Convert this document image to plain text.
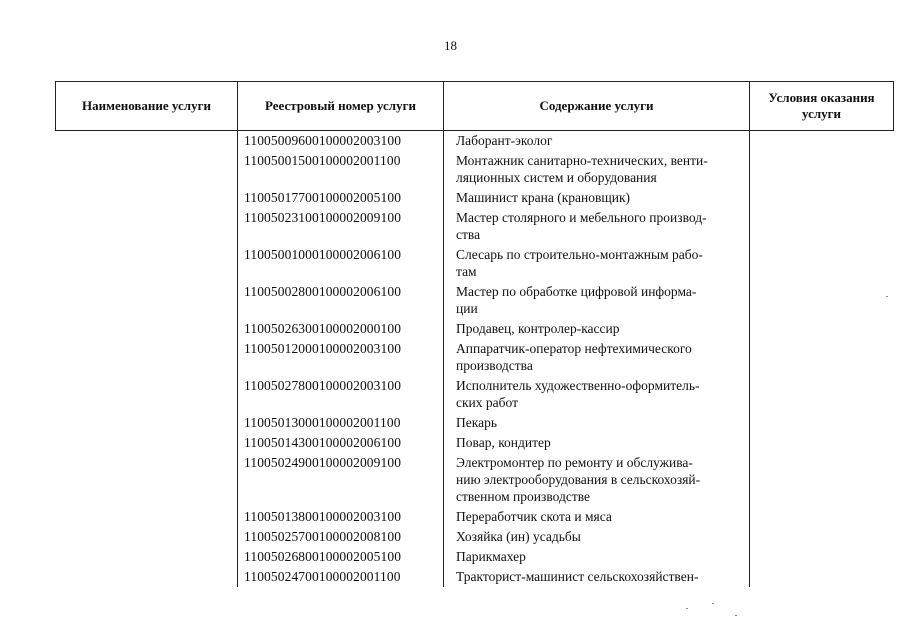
18
Наименование услуги	Реестровый номер услуги	Содержание услуги	Условия оказания услуги
	11005009600100002003100	Лаборант-эколог	
	11005001500100002001100	Монтажник санитарно-технических, венти-
ляционных систем и оборудования	
	11005017700100002005100	Машинист крана (крановщик)	
	11005023100100002009100	Мастер столярного и мебельного производ-
ства	
	11005001000100002006100	Слесарь по строительно-монтажным рабо-
там	
	11005002800100002006100	Мастер по обработке цифровой информа-
ции	
	11005026300100002000100	Продавец, контролер-кассир	
	11005012000100002003100	Аппаратчик-оператор нефтехимического
производства	
	11005027800100002003100	Исполнитель художественно-оформитель-
ских работ	
	11005013000100002001100	Пекарь	
	11005014300100002006100	Повар, кондитер	
	11005024900100002009100	Электромонтер по ремонту и обслужива-
нию электрооборудования в сельскохозяй-
ственном производстве	
	11005013800100002003100	Переработчик скота и мяса	
	11005025700100002008100	Хозяйка (ин) усадьбы	
	11005026800100002005100	Парикмахер	
	11005024700100002001100	Тракторист-машинист сельскохозяйствен-	
